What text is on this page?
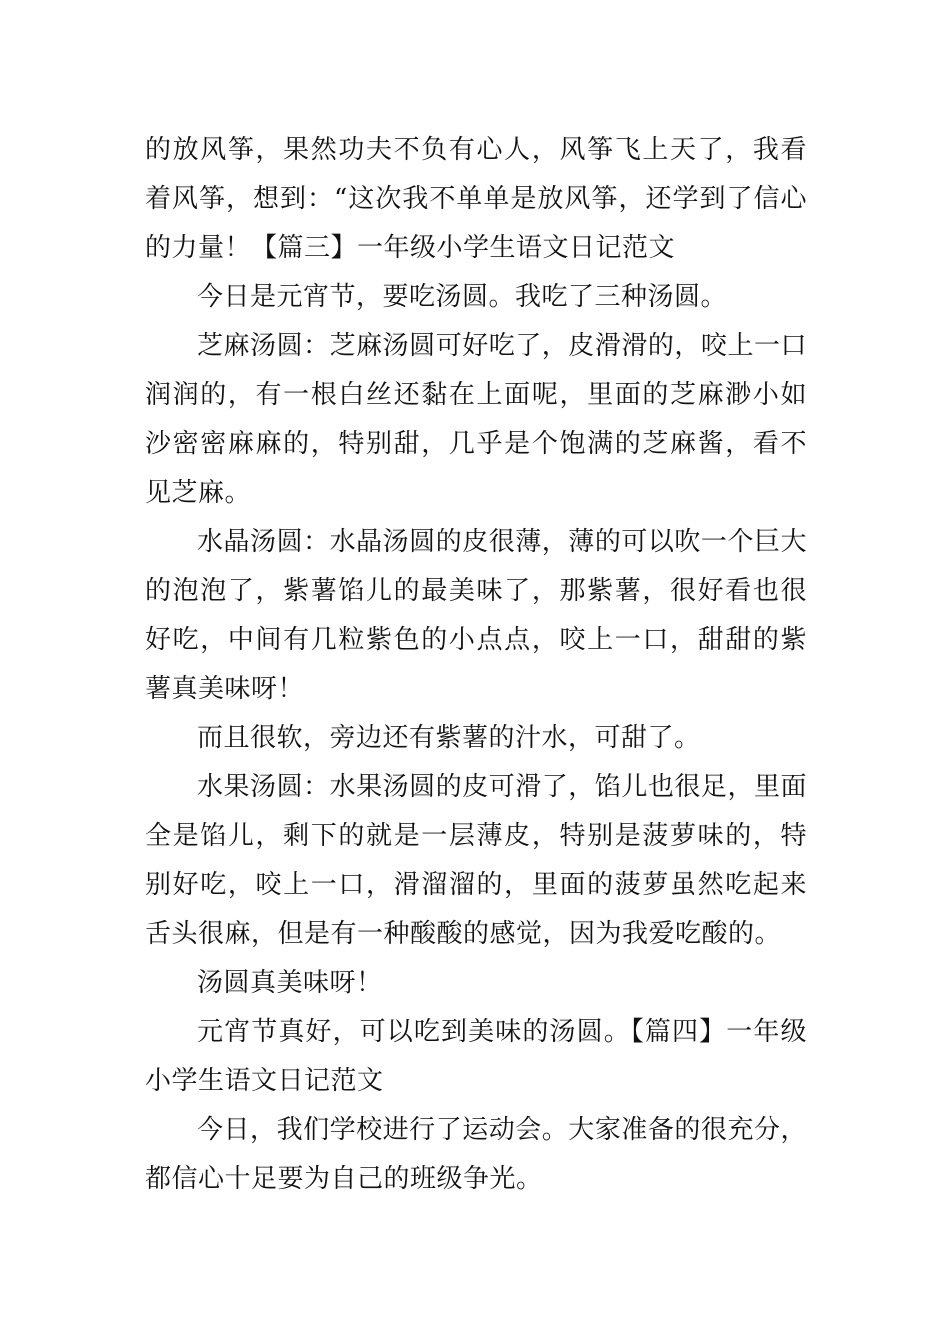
的放风筝，果然功夫不负有心人，风筝飞上天了，我看着风筝，想到：“这次我不单单是放风筝，还学到了信心的力量！【篇三】一年级小学生语文日记范文

今日是元宵节，要吃汤圆。我吃了三种汤圆。

芝麻汤圆：芝麻汤圆可好吃了，皮滑滑的，咬上一口润润的，有一根白丝还黏在上面呢，里面的芝麻渺小如沙密密麻麻的，特别甜，几乎是个饱满的芝麻酱，看不见芝麻。

水晶汤圆：水晶汤圆的皮很薄，薄的可以吹一个巨大的泡泡了，紫薯馅儿的最美味了，那紫薯，很好看也很好吃，中间有几粒紫色的小点点，咬上一口，甜甜的紫薯真美味呀！

而且很软，旁边还有紫薯的汁水，可甜了。

水果汤圆：水果汤圆的皮可滑了，馅儿也很足，里面全是馅儿，剩下的就是一层薄皮，特别是菠萝味的，特别好吃，咬上一口，滑溜溜的，里面的菠萝虽然吃起来舌头很麻，但是有一种酸酸的感觉，因为我爱吃酸的。

汤圆真美味呀！

元宵节真好，可以吃到美味的汤圆。【篇四】一年级小学生语文日记范文

今日，我们学校进行了运动会。大家准备的很充分，都信心十足要为自己的班级争光。
